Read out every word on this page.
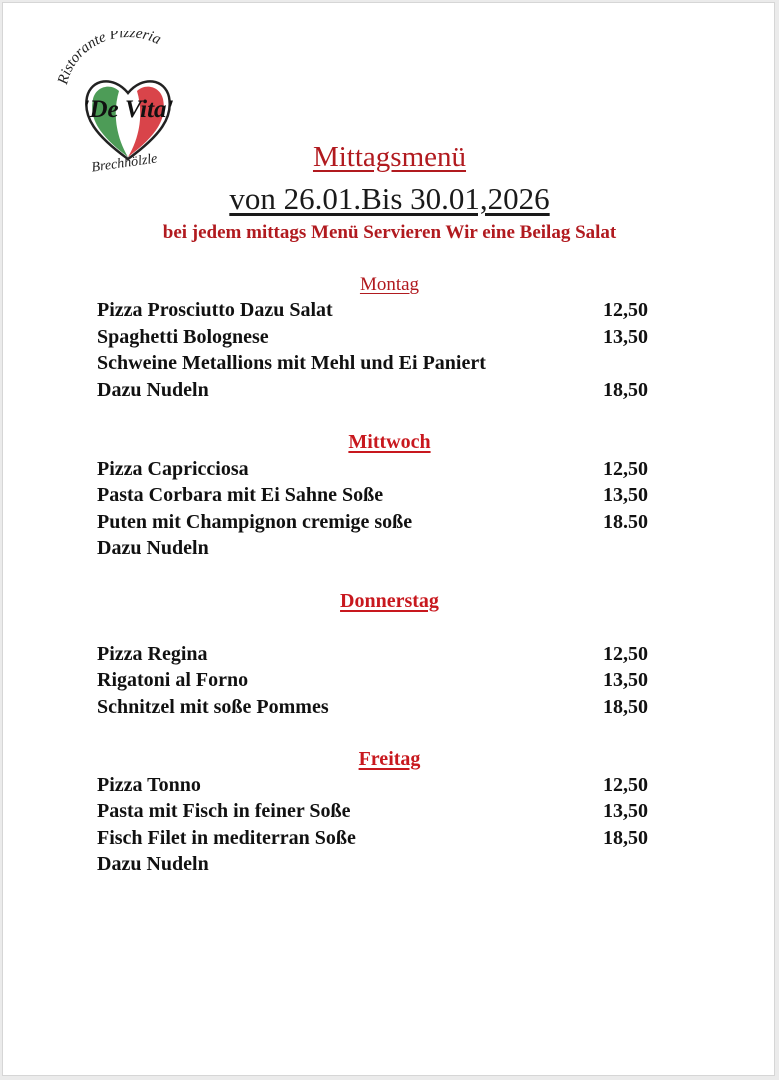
Ristorante Pizzeria
'De Vita'
Brechhölzle	Mittagsmenü
von 26.01.Bis 30.01,2026
bei jedem mittags Menü Servieren Wir eine Beilag Salat
Montag
Pizza Prosciutto Dazu Salat	12,50
Spaghetti Bolognese	13,50
Schweine Metallions mit Mehl und Ei Paniert
Dazu Nudeln	18,50
Mittwoch
Pizza Capricciosa	12,50
Pasta Corbara mit Ei Sahne Soße	13,50
Puten mit Champignon cremige soße	18.50
Dazu Nudeln
Donnerstag
Pizza Regina	12,50
Rigatoni al Forno	13,50
Schnitzel mit soße Pommes	18,50
Freitag
Pizza Tonno	12,50
Pasta mit Fisch in feiner Soße	13,50
Fisch Filet in mediterran Soße	18,50
Dazu Nudeln
